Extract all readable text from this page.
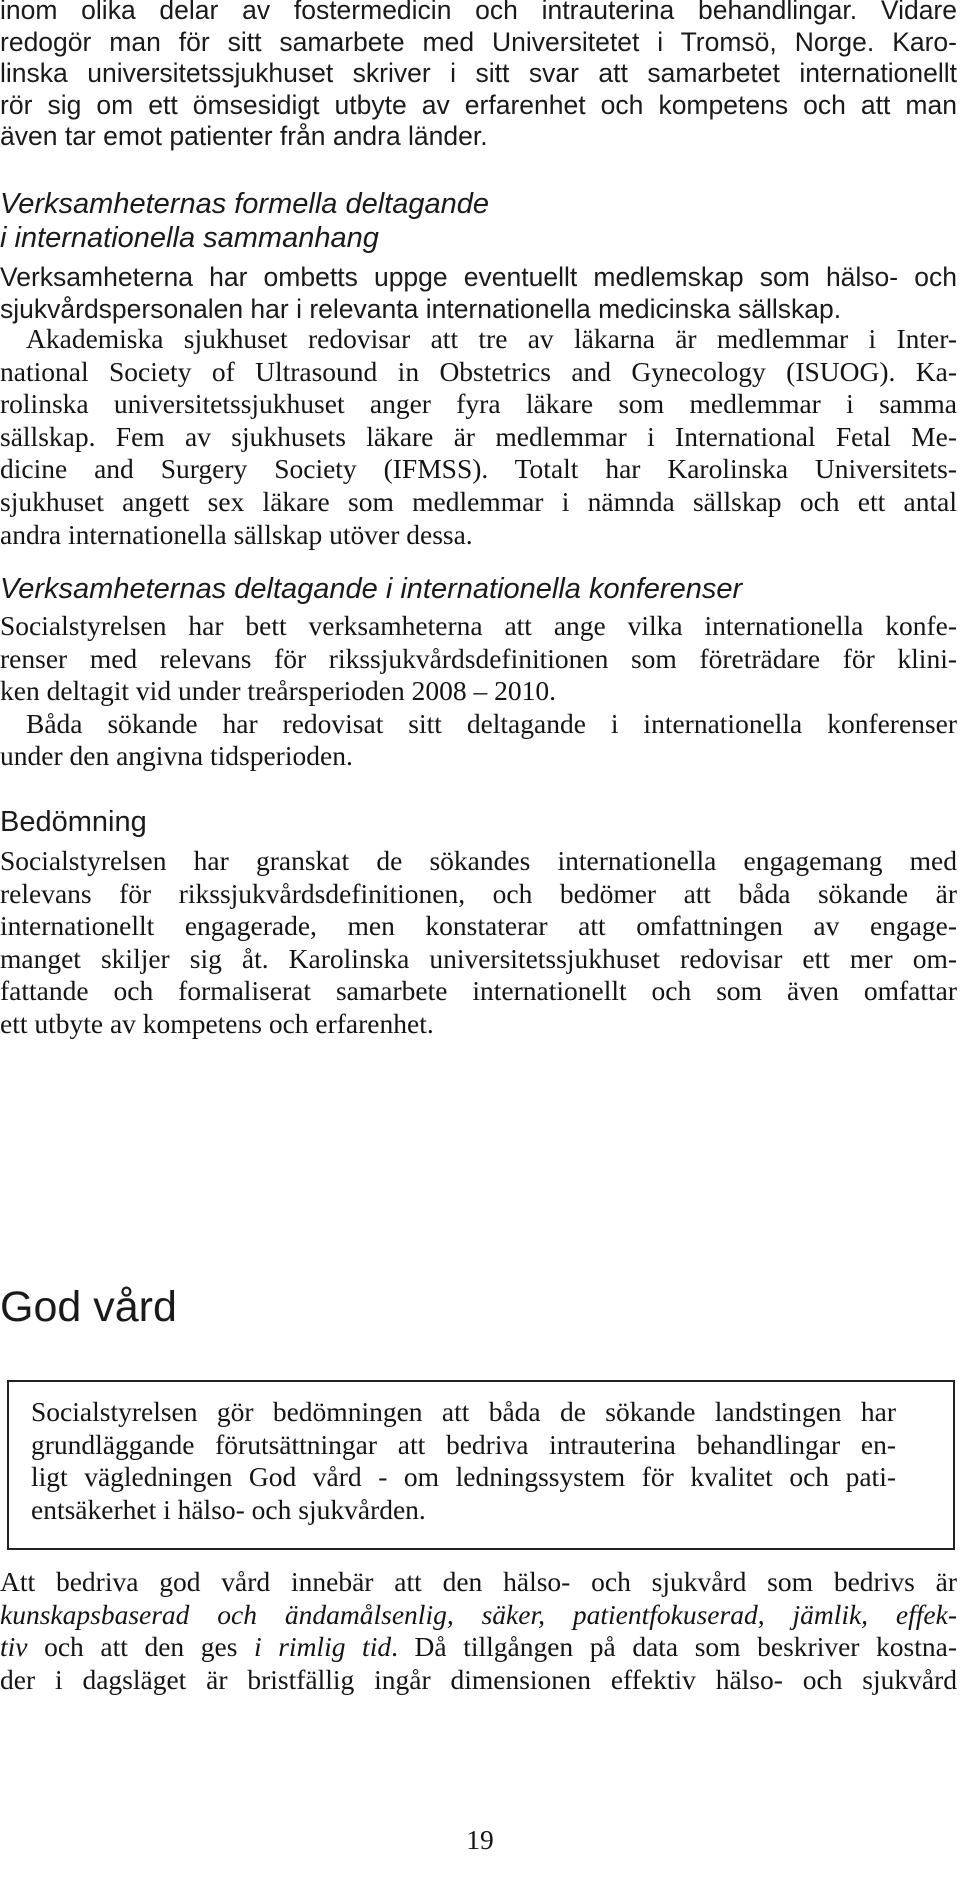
inom olika delar av fostermedicin och intrauterina behandlingar. Vidare
redogör man för sitt samarbete med Universitetet i Tromsö, Norge. Karo-
linska universitetssjukhuset skriver i sitt svar att samarbetet internationellt
rör sig om ett ömsesidigt utbyte av erfarenhet och kompetens och att man
även tar emot patienter från andra länder.
Verksamheternas formella deltagande
i internationella sammanhang
Verksamheterna har ombetts uppge eventuellt medlemskap som hälso- och
sjukvårdspersonalen har i relevanta internationella medicinska sällskap.
Akademiska sjukhuset redovisar att tre av läkarna är medlemmar i Inter-
national Society of Ultrasound in Obstetrics and Gynecology (ISUOG). Ka-
rolinska universitetssjukhuset anger fyra läkare som medlemmar i samma
sällskap. Fem av sjukhusets läkare är medlemmar i International Fetal Me-
dicine and Surgery Society (IFMSS). Totalt har Karolinska Universitets-
sjukhuset angett sex läkare som medlemmar i nämnda sällskap och ett antal
andra internationella sällskap utöver dessa.
Verksamheternas deltagande i internationella konferenser
Socialstyrelsen har bett verksamheterna att ange vilka internationella konfe-
renser med relevans för rikssjukvårdsdefinitionen som företrädare för klini-
ken deltagit vid under treårsperioden 2008 – 2010.
Båda sökande har redovisat sitt deltagande i internationella konferenser
under den angivna tidsperioden.
Bedömning
Socialstyrelsen har granskat de sökandes internationella engagemang med
relevans för rikssjukvårdsdefinitionen, och bedömer att båda sökande är
internationellt engagerade, men konstaterar att omfattningen av engage-
manget skiljer sig åt. Karolinska universitetssjukhuset redovisar ett mer om-
fattande och formaliserat samarbete internationellt och som även omfattar
ett utbyte av kompetens och erfarenhet.
God vård
Socialstyrelsen gör bedömningen att båda de sökande landstingen har
grundläggande förutsättningar att bedriva intrauterina behandlingar en-
ligt vägledningen God vård - om ledningssystem för kvalitet och pati-
entsäkerhet i hälso- och sjukvården.
Att bedriva god vård innebär att den hälso- och sjukvård som bedrivs är
kunskapsbaserad och ändamålsenlig, säker, patientfokuserad, jämlik, effek-
tiv och att den ges i rimlig tid. Då tillgången på data som beskriver kostna-
der i dagsläget är bristfällig ingår dimensionen effektiv hälso- och sjukvård
19
